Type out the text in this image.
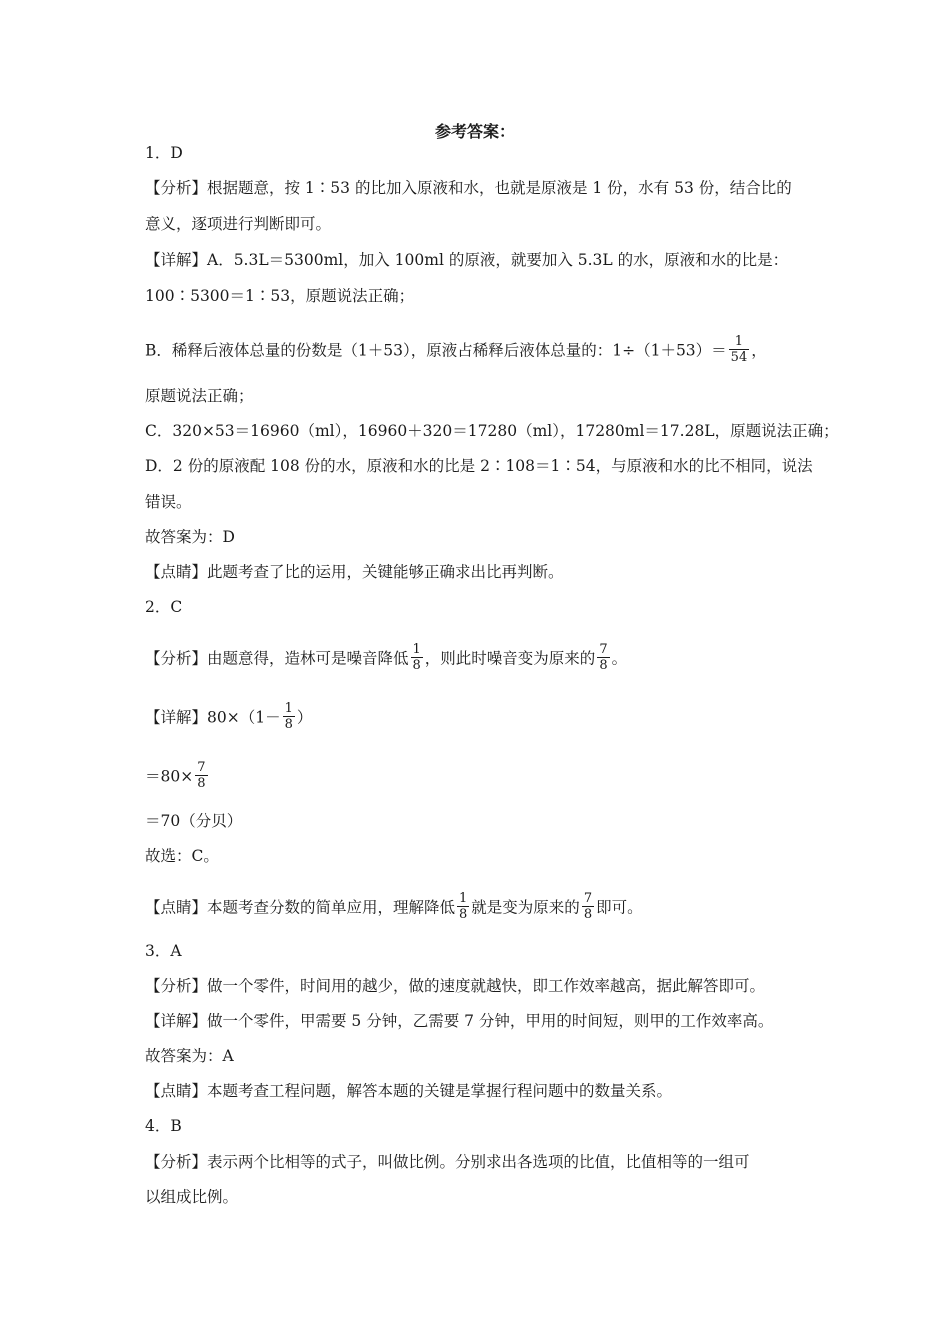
参考答案：
1．D
【分析】根据题意，按 1∶53 的比加入原液和水，也就是原液是 1 份，水有 53 份，结合比的
意义，逐项进行判断即可。
【详解】A．5.3L＝5300ml，加入 100ml 的原液，就要加入 5.3L 的水，原液和水的比是：
100∶5300＝1∶53，原题说法正确；
B．稀释后液体总量的份数是（1＋53），原液占稀释后液体总量的：$1\div(1+53)= \frac{1}{54}$ ，
原题说法正确；
C．320×53＝16960（ml），16960＋320＝17280（ml），17280ml＝17.28L，原题说法正确；
D．2 份的原液配 108 份的水，原液和水的比是 2∶108＝1∶54，与原液和水的比不相同，说法
错误。
故答案为：D
【点睛】此题考查了比的运用，关键能够正确求出比再判断。
2．C
【分析】由题意得，造林可是噪音降低 $\frac{1}{8}$ ，则此时噪音变为原来的 $\frac{7}{8}$ 。
【详解】$80\times(1- \frac{1}{8}$ ）
$=80\times \frac{7}{8}$
＝70（分贝）
故选：C。
【点睛】本题考查分数的简单应用，理解降低 $\frac{1}{8}$ 就是变为原来的 $\frac{7}{8}$ 即可。
3．A
【分析】做一个零件，时间用的越少，做的速度就越快，即工作效率越高，据此解答即可。
【详解】做一个零件，甲需要 5 分钟，乙需要 7 分钟，甲用的时间短，则甲的工作效率高。
故答案为：A
【点睛】本题考查工程问题，解答本题的关键是掌握行程问题中的数量关系。
4．B
【分析】表示两个比相等的式子，叫做比例。分别求出各选项的比值，比值相等的一组可
以组成比例。
